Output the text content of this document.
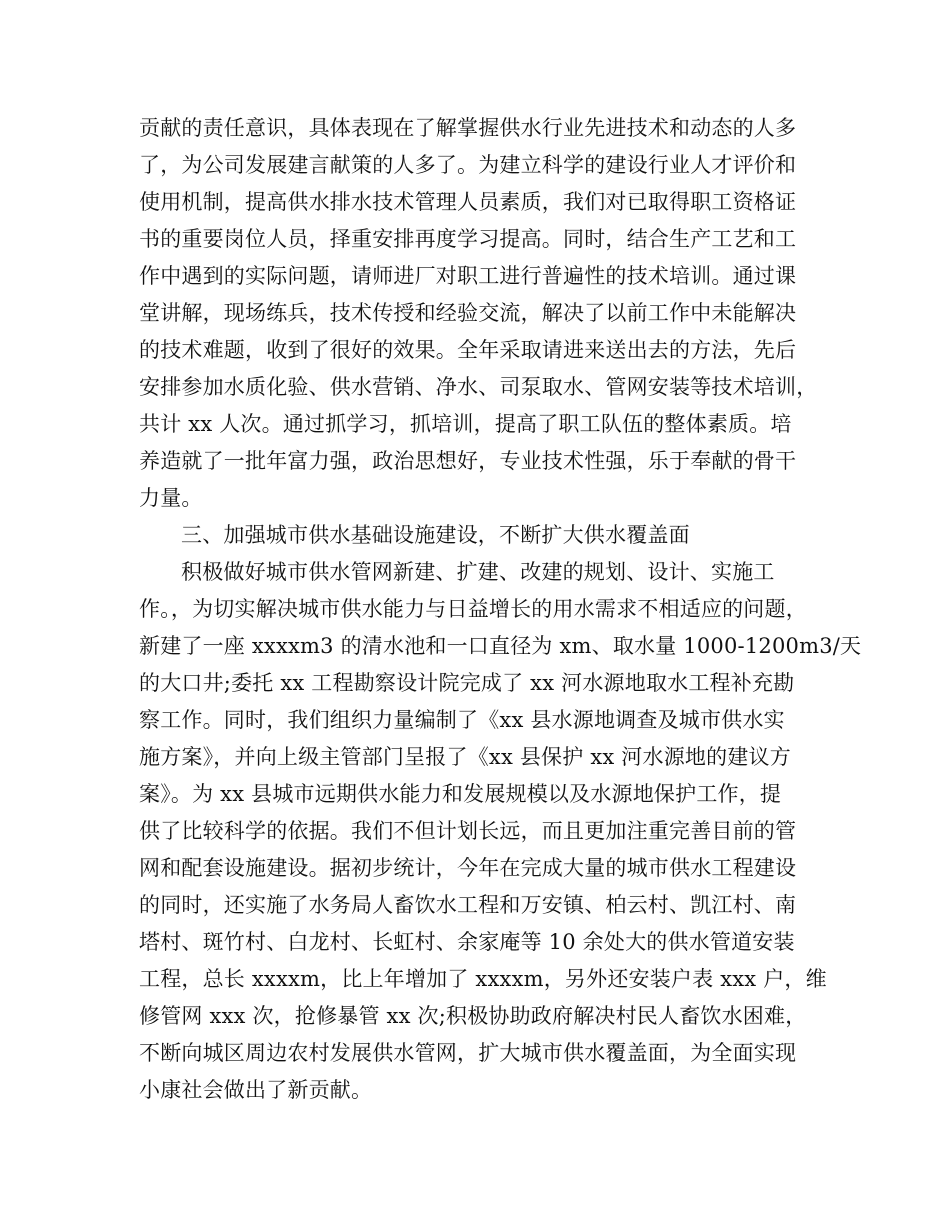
贡献的责任意识，具体表现在了解掌握供水行业先进技术和动态的人多
了，为公司发展建言献策的人多了。为建立科学的建设行业人才评价和
使用机制，提高供水排水技术管理人员素质，我们对已取得职工资格证
书的重要岗位人员，择重安排再度学习提高。同时，结合生产工艺和工
作中遇到的实际问题，请师进厂对职工进行普遍性的技术培训。通过课
堂讲解，现场练兵，技术传授和经验交流，解决了以前工作中未能解决
的技术难题，收到了很好的效果。全年采取请进来送出去的方法，先后
安排参加水质化验、供水营销、净水、司泵取水、管网安装等技术培训，
共计 xx 人次。通过抓学习，抓培训，提高了职工队伍的整体素质。培
养造就了一批年富力强，政治思想好，专业技术性强，乐于奉献的骨干
力量。
三、加强城市供水基础设施建设，不断扩大供水覆盖面
积极做好城市供水管网新建、扩建、改建的规划、设计、实施工
作。，为切实解决城市供水能力与日益增长的用水需求不相适应的问题，
新建了一座 xxxxm3 的清水池和一口直径为 xm、取水量 1000-1200m3/天
的大口井;委托 xx 工程勘察设计院完成了 xx 河水源地取水工程补充勘
察工作。同时，我们组织力量编制了《xx 县水源地调查及城市供水实
施方案》，并向上级主管部门呈报了《xx 县保护 xx 河水源地的建议方
案》。为 xx 县城市远期供水能力和发展规模以及水源地保护工作，提
供了比较科学的依据。我们不但计划长远，而且更加注重完善目前的管
网和配套设施建设。据初步统计，今年在完成大量的城市供水工程建设
的同时，还实施了水务局人畜饮水工程和万安镇、柏云村、凯江村、南
塔村、斑竹村、白龙村、长虹村、余家庵等 10 余处大的供水管道安装
工程，总长 xxxxm，比上年增加了 xxxxm，另外还安装户表 xxx 户，维
修管网 xxx 次，抢修暴管 xx 次;积极协助政府解决村民人畜饮水困难，
不断向城区周边农村发展供水管网，扩大城市供水覆盖面，为全面实现
小康社会做出了新贡献。
